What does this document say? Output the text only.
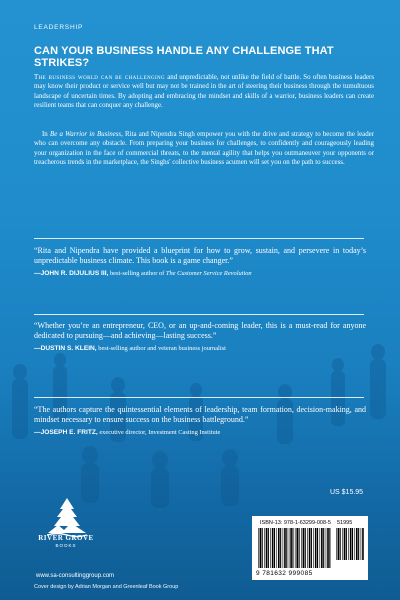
LEADERSHIP
CAN YOUR BUSINESS HANDLE ANY CHALLENGE THAT STRIKES?

The business world can be challenging and unpredictable, not unlike the field of battle. So often business leaders may know their product or service well but may not be trained in the art of steering their business through the tumultuous landscape of uncertain times. By adopting and embracing the mindset and skills of a warrior, business leaders can create resilient teams that can conquer any challenge.

In Be a Warrior in Business, Rita and Nipendra Singh empower you with the drive and strategy to become the leader who can overcome any obstacle. From preparing your business for challenges, to confidently and courageously leading your organization in the face of commercial threats, to the mental agility that helps you outmaneuver your opponents or treacherous trends in the marketplace, the Singhs' collective business acumen will set you on the path to success.

“Rita and Nipendra have provided a blueprint for how to grow, sustain, and persevere in today’s unpredictable business climate. This book is a game changer.”

—JOHN R. DIJULIUS III, best-selling author of The Customer Service Revolution

“Whether you’re an entrepreneur, CEO, or an up-and-coming leader, this is a must-read for anyone dedicated to pursuing—and achieving—lasting success.”

—DUSTIN S. KLEIN, best-selling author and veteran business journalist

“The authors capture the quintessential elements of leadership, team formation, decision-making, and mindset necessary to ensure success on the business battleground.”

—JOSEPH E. FRITZ, executive director, Investment Casting Institute
US $15.95
RIVER GROVE
BOOKS
www.sa-consultinggroup.com
Cover design by Adrian Morgan and Greenleaf Book Group
ISBN-13: 978-1-63299-008-5 51995
9 781632 999085
